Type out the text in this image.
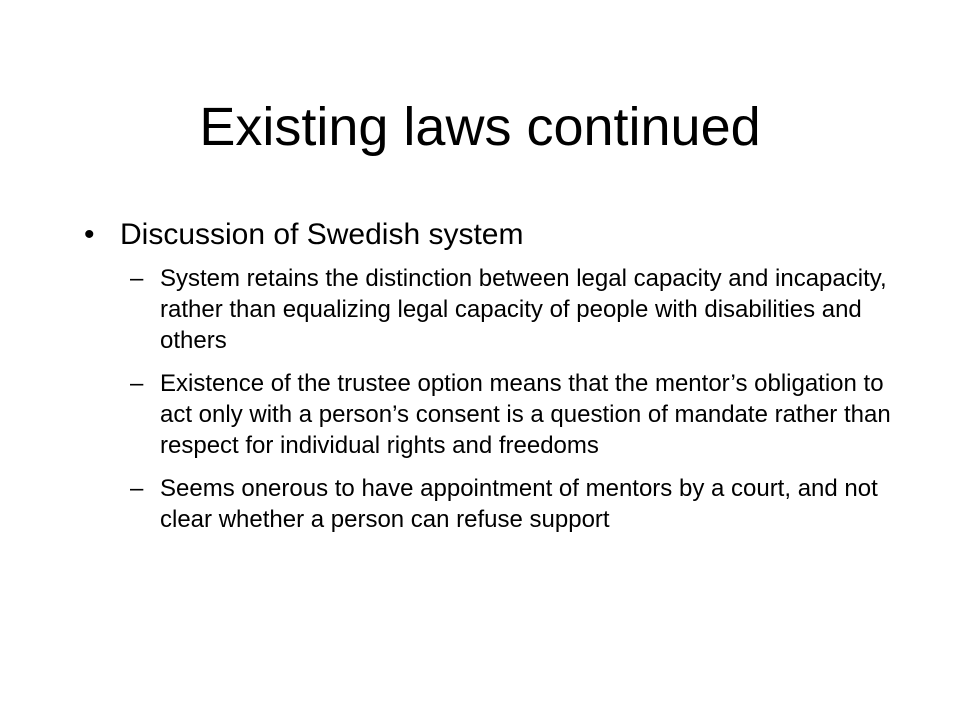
Existing laws continued
• Discussion of Swedish system
– System retains the distinction between legal capacity and incapacity, rather than equalizing legal capacity of people with disabilities and others
– Existence of the trustee option means that the mentor’s obligation to act only with a person’s consent is a question of mandate rather than respect for individual rights and freedoms
– Seems onerous to have appointment of mentors by a court, and not clear whether a person can refuse support
